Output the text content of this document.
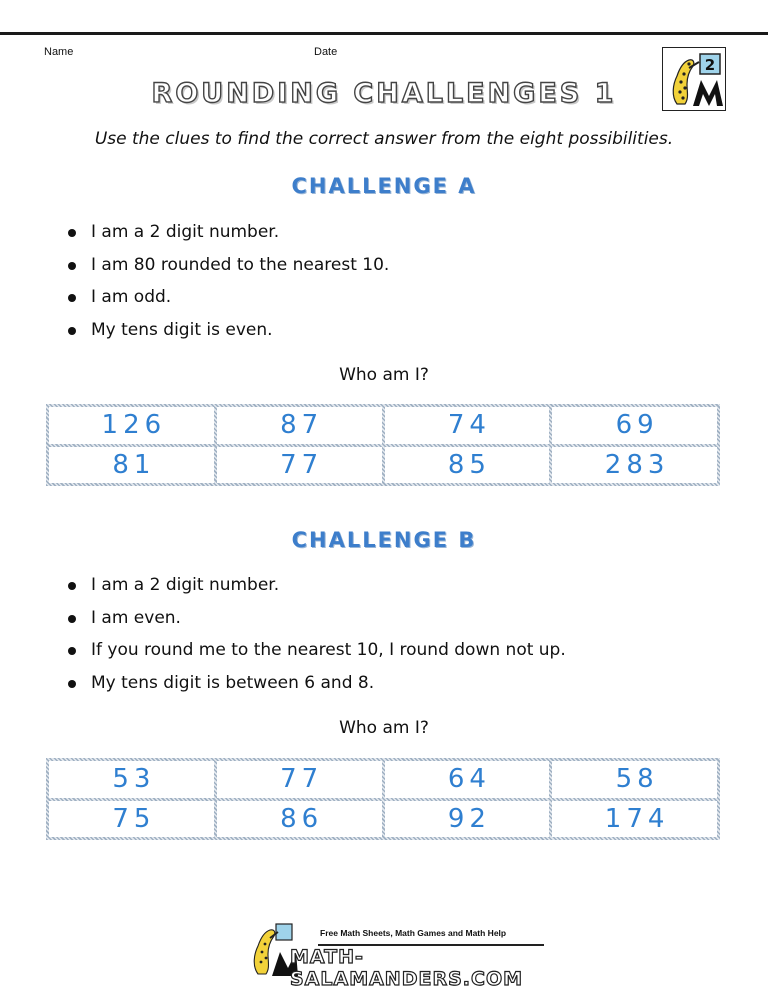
Name	Date
2
ROUNDING CHALLENGES 1
Use the clues to find the correct answer from the eight possibilities.
CHALLENGE A
I am a 2 digit number.
I am 80 rounded to the nearest 10.
I am odd.
My tens digit is even.
Who am I?
126	87	74	69
81	77	85	283
CHALLENGE B
I am a 2 digit number.
I am even.
If you round me to the nearest 10, I round down not up.
My tens digit is between 6 and 8.
Who am I?
53	77	64	58
75	86	92	174
Free Math Sheets, Math Games and Math Help
MATH-SALAMANDERS.COM
